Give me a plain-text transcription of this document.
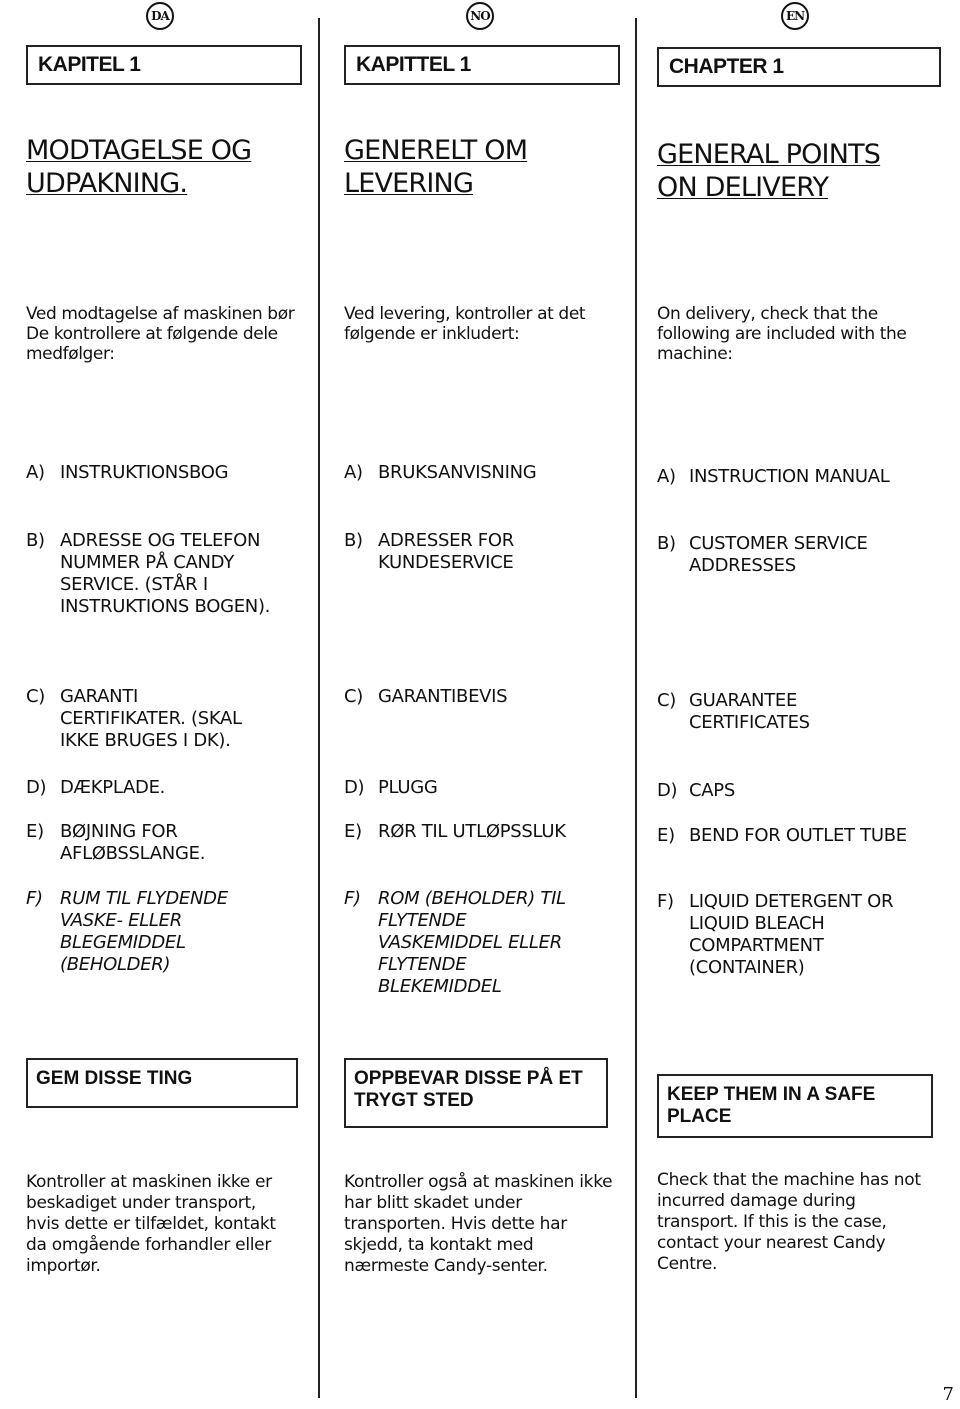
DA
KAPITEL 1
MODTAGELSE OG UDPAKNING.
Ved modtagelse af maskinen bør De kontrollere at følgende dele medfølger:
A) INSTRUKTIONSBOG
B) ADRESSE OG TELEFON NUMMER PÅ CANDY SERVICE. (STÅR I INSTRUKTIONS BOGEN).
C) GARANTI CERTIFIKATER. (SKAL IKKE BRUGES I DK).
D) DÆKPLADE.
E) BØJNING FOR AFLØBSSLANGE.
F) RUM TIL FLYDENDE VASKE- ELLER BLEGEMIDDEL (BEHOLDER)
GEM DISSE TING
Kontroller at maskinen ikke er beskadiget under transport, hvis dette er tilfældet, kontakt da omgående forhandler eller importør.
NO
KAPITTEL 1
GENERELT OM LEVERING
Ved levering, kontroller at det følgende er inkludert:
A) BRUKSANVISNING
B) ADRESSER FOR KUNDESERVICE
C) GARANTIBEVIS
D) PLUGG
E) RØR TIL UTLØPSSLUK
F) ROM (BEHOLDER) TIL FLYTENDE VASKEMIDDEL ELLER FLYTENDE BLEKEMIDDEL
OPPBEVAR DISSE PÅ ET TRYGT STED
Kontroller også at maskinen ikke har blitt skadet under transporten. Hvis dette har skjedd, ta kontakt med nærmeste Candy-senter.
EN
CHAPTER 1
GENERAL POINTS ON DELIVERY
On delivery, check that the following are included with the machine:
A) INSTRUCTION MANUAL
B) CUSTOMER SERVICE ADDRESSES
C) GUARANTEE CERTIFICATES
D) CAPS
E) BEND FOR OUTLET TUBE
F) LIQUID DETERGENT OR LIQUID BLEACH COMPARTMENT (CONTAINER)
KEEP THEM IN A SAFE PLACE
Check that the machine has not incurred damage during transport. If this is the case, contact your nearest Candy Centre.
7
